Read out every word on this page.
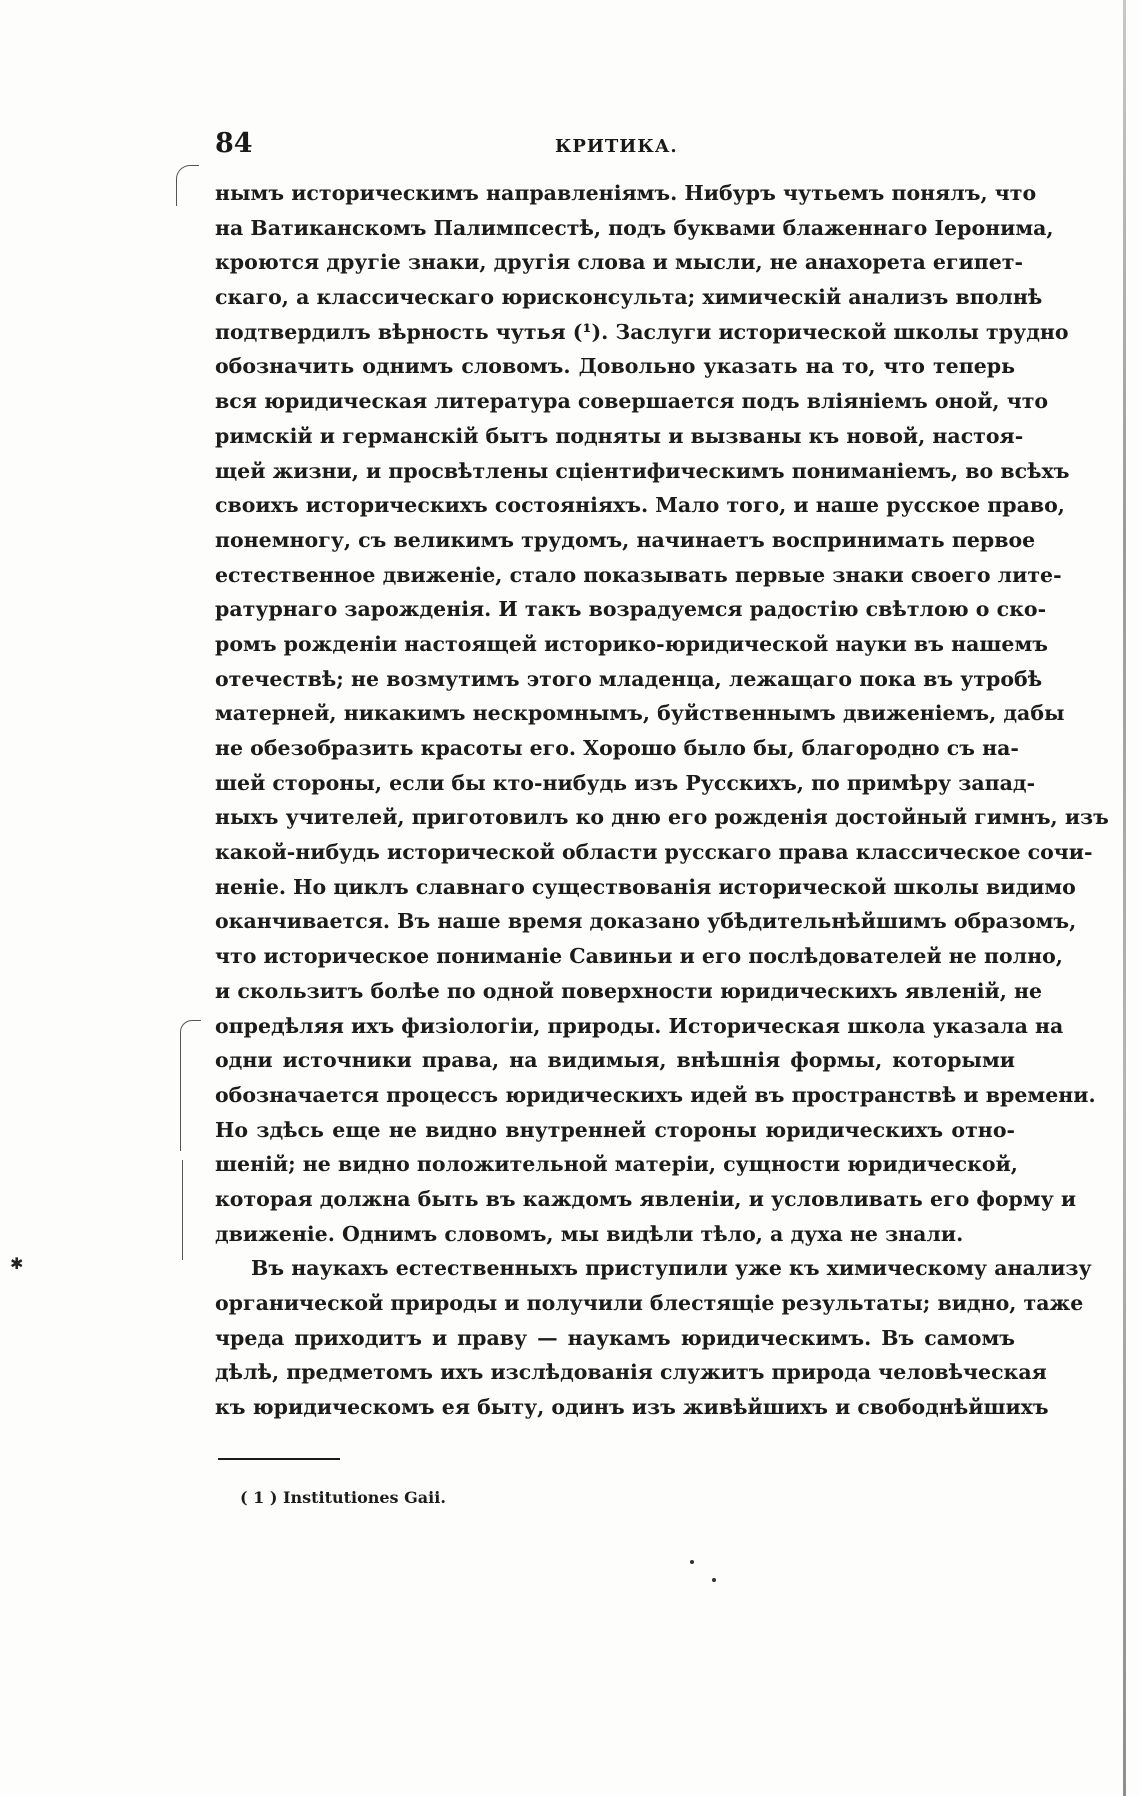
84	КРИТИКА.
✱
нымъ историческимъ направленіямъ. Нибуръ чутьемъ понялъ, что
на Ватиканскомъ Палимпсестѣ, подъ буквами блаженнаго Іеронима,
кроются другіе знаки, другія слова и мысли, не анахорета египет-
скаго, а классическаго юрисконсульта; химическій анализъ вполнѣ
подтвердилъ вѣрность чутья (¹). Заслуги исторической школы трудно
обозначить однимъ словомъ. Довольно указать на то, что теперь
вся юридическая литература совершается подъ вліяніемъ оной, что
римскій и германскій бытъ подняты и вызваны къ новой, настоя-
щей жизни, и просвѣтлены сціентифическимъ пониманіемъ, во всѣхъ
своихъ историческихъ состояніяхъ. Мало того, и наше русское право,
понемногу, съ великимъ трудомъ, начинаетъ воспринимать первое
естественное движеніе, стало показывать первые знаки своего лите-
ратурнаго зарожденія. И такъ возрадуемся радостію свѣтлою о ско-
ромъ рожденіи настоящей историко-юридической науки въ нашемъ
отечествѣ; не возмутимъ этого младенца, лежащаго пока въ утробѣ
матерней, никакимъ нескромнымъ, буйственнымъ движеніемъ, дабы
не обезобразить красоты его. Хорошо было бы, благородно съ на-
шей стороны, если бы кто-нибудь изъ Русскихъ, по примѣру запад-
ныхъ учителей, приготовилъ ко дню его рожденія достойный гимнъ, изъ
какой-нибудь исторической области русскаго права классическое сочи-
неніе. Но циклъ славнаго существованія исторической школы видимо
оканчивается. Въ наше время доказано убѣдительнѣйшимъ образомъ,
что историческое пониманіе Савиньи и его послѣдователей не полно,
и скользитъ болѣе по одной поверхности юридическихъ явленій, не
опредѣляя ихъ физіологіи, природы. Историческая школа указала на
одни источники права, на видимыя, внѣшнія формы, которыми
обозначается процессъ юридическихъ идей въ пространствѣ и времени.
Но здѣсь еще не видно внутренней стороны юридическихъ отно-
шеній; не видно положительной матеріи, сущности юридической,
которая должна быть въ каждомъ явленіи, и условливать его форму и
движеніе. Однимъ словомъ, мы видѣли тѣло, а духа не знали.
Въ наукахъ естественныхъ приступили уже къ химическому анализу
органической природы и получили блестящіе результаты; видно, таже
чреда приходитъ и праву — наукамъ юридическимъ. Въ самомъ
дѣлѣ, предметомъ ихъ изслѣдованія служитъ природа человѣческая
къ юридическомъ ея быту, одинъ изъ живѣйшихъ и свободнѣйшихъ
( 1 ) Institutiones Gaii.
